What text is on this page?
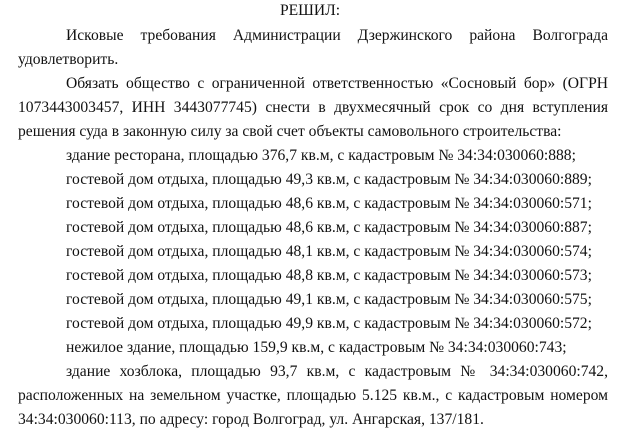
РЕШИЛ:
Исковые требования Администрации Дзержинского района Волгограда
удовлетворить.
Обязать общество с ограниченной ответственностью «Сосновый бор» (ОГРН
1073443003457, ИНН 3443077745) снести в двухмесячный срок со дня вступления
решения суда в законную силу за свой счет объекты самовольного строительства:
здание ресторана, площадью 376,7 кв.м, с кадастровым № 34:34:030060:888;
гостевой дом отдыха, площадью 49,3 кв.м, с кадастровым № 34:34:030060:889;
гостевой дом отдыха, площадью 48,6 кв.м, с кадастровым № 34:34:030060:571;
гостевой дом отдыха, площадью 48,6 кв.м, с кадастровым № 34:34:030060:887;
гостевой дом отдыха, площадью 48,1 кв.м, с кадастровым № 34:34:030060:574;
гостевой дом отдыха, площадью 48,8 кв.м, с кадастровым № 34:34:030060:573;
гостевой дом отдыха, площадью 49,1 кв.м, с кадастровым № 34:34:030060:575;
гостевой дом отдыха, площадью 49,9 кв.м, с кадастровым № 34:34:030060:572;
нежилое здание, площадью 159,9 кв.м, с кадастровым № 34:34:030060:743;
здание хозблока, площадью 93,7 кв.м, с кадастровым № 34:34:030060:742,
расположенных на земельном участке, площадью 5.125 кв.м., с кадастровым номером
34:34:030060:113, по адресу: город Волгоград, ул. Ангарская, 137/181.
